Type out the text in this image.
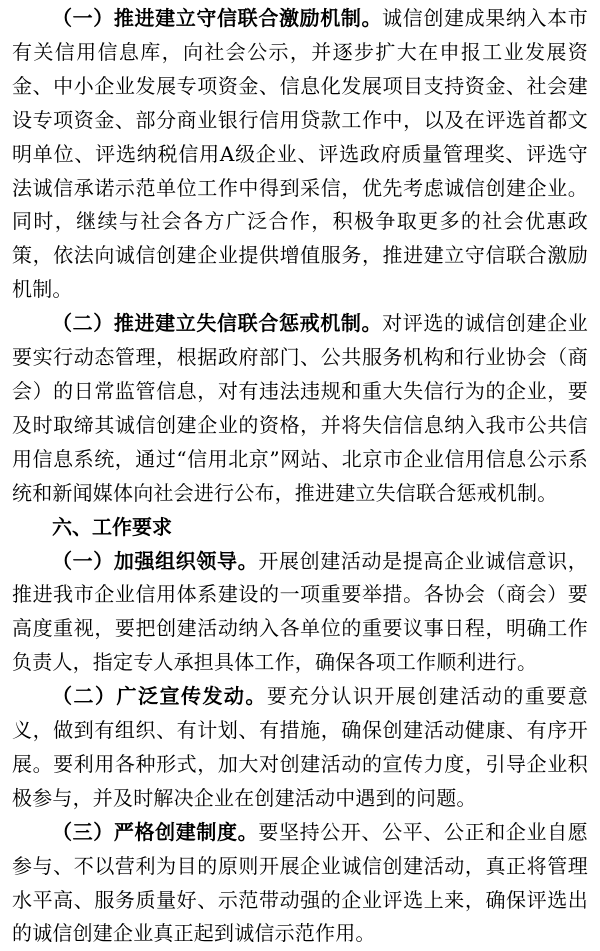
（一）推进建立守信联合激励机制。诚信创建成果纳入本市有关信用信息库，向社会公示，并逐步扩大在申报工业发展资金、中小企业发展专项资金、信息化发展项目支持资金、社会建设专项资金、部分商业银行信用贷款工作中，以及在评选首都文明单位、评选纳税信用A级企业、评选政府质量管理奖、评选守法诚信承诺示范单位工作中得到采信，优先考虑诚信创建企业。同时，继续与社会各方广泛合作，积极争取更多的社会优惠政策，依法向诚信创建企业提供增值服务，推进建立守信联合激励机制。

（二）推进建立失信联合惩戒机制。对评选的诚信创建企业要实行动态管理，根据政府部门、公共服务机构和行业协会（商会）的日常监管信息，对有违法违规和重大失信行为的企业，要及时取缔其诚信创建企业的资格，并将失信信息纳入我市公共信用信息系统，通过“信用北京”网站、北京市企业信用信息公示系统和新闻媒体向社会进行公布，推进建立失信联合惩戒机制。

六、工作要求

（一）加强组织领导。开展创建活动是提高企业诚信意识，推进我市企业信用体系建设的一项重要举措。各协会（商会）要高度重视，要把创建活动纳入各单位的重要议事日程，明确工作负责人，指定专人承担具体工作，确保各项工作顺利进行。

（二）广泛宣传发动。要充分认识开展创建活动的重要意义，做到有组织、有计划、有措施，确保创建活动健康、有序开展。要利用各种形式，加大对创建活动的宣传力度，引导企业积极参与，并及时解决企业在创建活动中遇到的问题。

（三）严格创建制度。要坚持公开、公平、公正和企业自愿参与、不以营利为目的原则开展企业诚信创建活动，真正将管理水平高、服务质量好、示范带动强的企业评选上来，确保评选出的诚信创建企业真正起到诚信示范作用。
